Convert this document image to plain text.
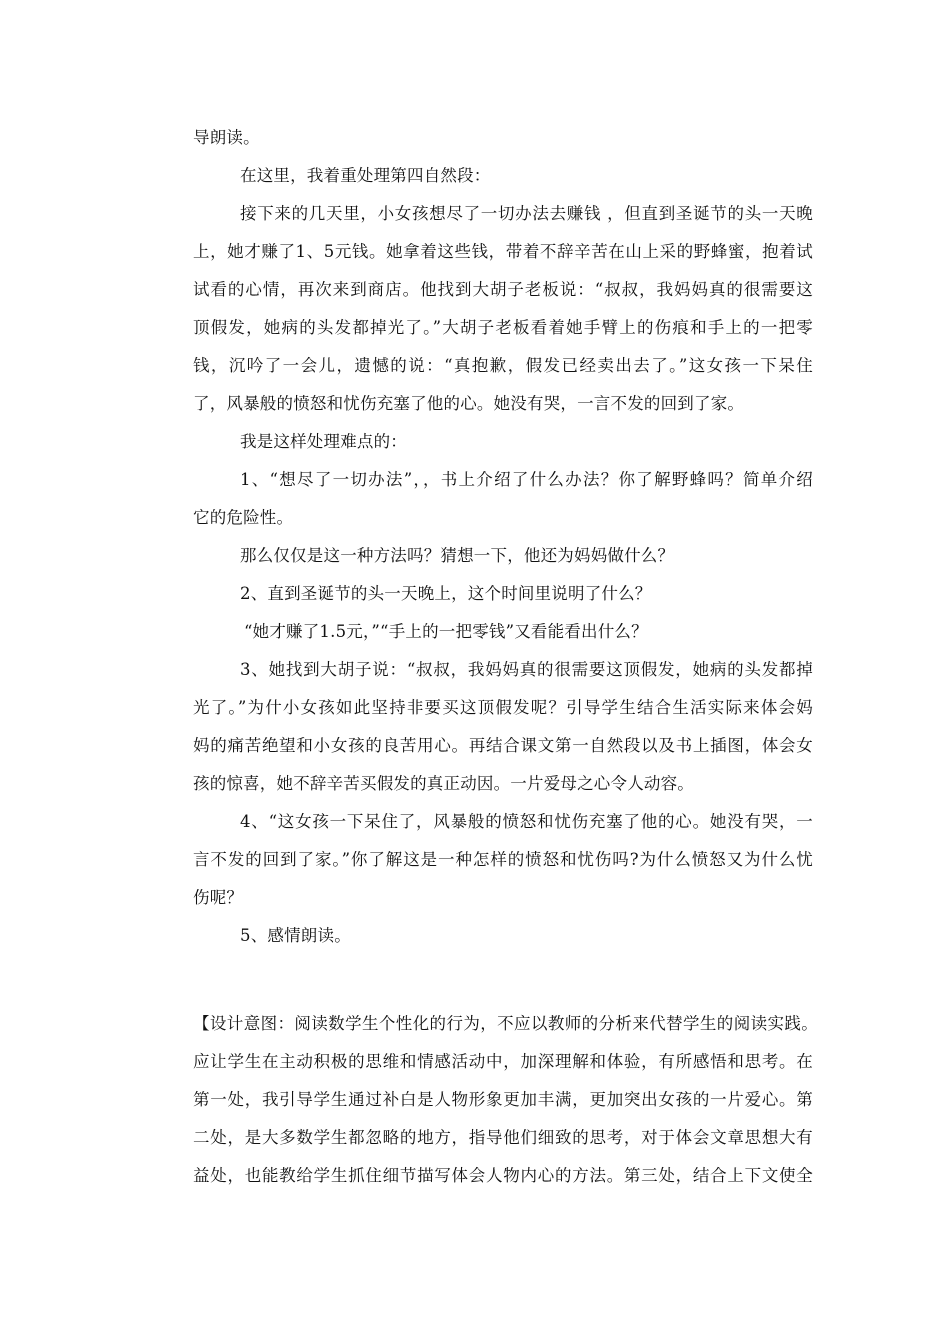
导朗读。
在这里，我着重处理第四自然段：
接下来的几天里，小女孩想尽了一切办法去赚钱 ，但直到圣诞节的头一天晚
上，她才赚了1、5元钱。她拿着这些钱，带着不辞辛苦在山上采的野蜂蜜，抱着试
试看的心情，再次来到商店。他找到大胡子老板说：“叔叔，我妈妈真的很需要这
顶假发，她病的头发都掉光了。”大胡子老板看着她手臂上的伤痕和手上的一把零
钱，沉吟了一会儿，遗憾的说：“真抱歉，假发已经卖出去了。”这女孩一下呆住
了，风暴般的愤怒和忧伤充塞了他的心。她没有哭，一言不发的回到了家。
我是这样处理难点的：
1、“想尽了一切办法”，，书上介绍了什么办法？你了解野蜂吗？简单介绍
它的危险性。
那么仅仅是这一种方法吗？猜想一下，他还为妈妈做什么？
2、直到圣诞节的头一天晚上，这个时间里说明了什么？
“她才赚了1.5元，”“手上的一把零钱”又看能看出什么？
3、她找到大胡子说：“叔叔，我妈妈真的很需要这顶假发，她病的头发都掉
光了。”为什小女孩如此坚持非要买这顶假发呢？引导学生结合生活实际来体会妈
妈的痛苦绝望和小女孩的良苦用心。再结合课文第一自然段以及书上插图，体会女
孩的惊喜，她不辞辛苦买假发的真正动因。一片爱母之心令人动容。
4、“这女孩一下呆住了，风暴般的愤怒和忧伤充塞了他的心。她没有哭，一
言不发的回到了家。”你了解这是一种怎样的愤怒和忧伤吗?为什么愤怒又为什么忧
伤呢？
5、感情朗读。
【设计意图：阅读数学生个性化的行为，不应以教师的分析来代替学生的阅读实践。
应让学生在主动积极的思维和情感活动中，加深理解和体验，有所感悟和思考。在
第一处，我引导学生通过补白是人物形象更加丰满，更加突出女孩的一片爱心。第
二处，是大多数学生都忽略的地方，指导他们细致的思考，对于体会文章思想大有
益处，也能教给学生抓住细节描写体会人物内心的方法。第三处，结合上下文使全
